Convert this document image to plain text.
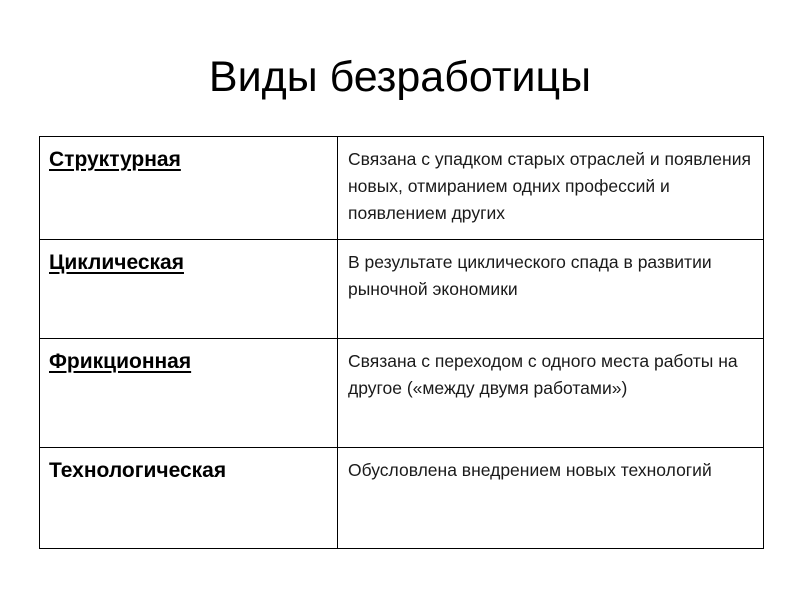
Виды безработицы
Структурная	Связана с упадком старых отраслей и появления новых, отмиранием одних профессий и появлением других

Циклическая	В результате циклического спада в развитии рыночной экономики

Фрикционная	Связана с переходом с одного места работы на другое («между двумя работами»)

Технологическая	Обусловлена внедрением новых технологий
